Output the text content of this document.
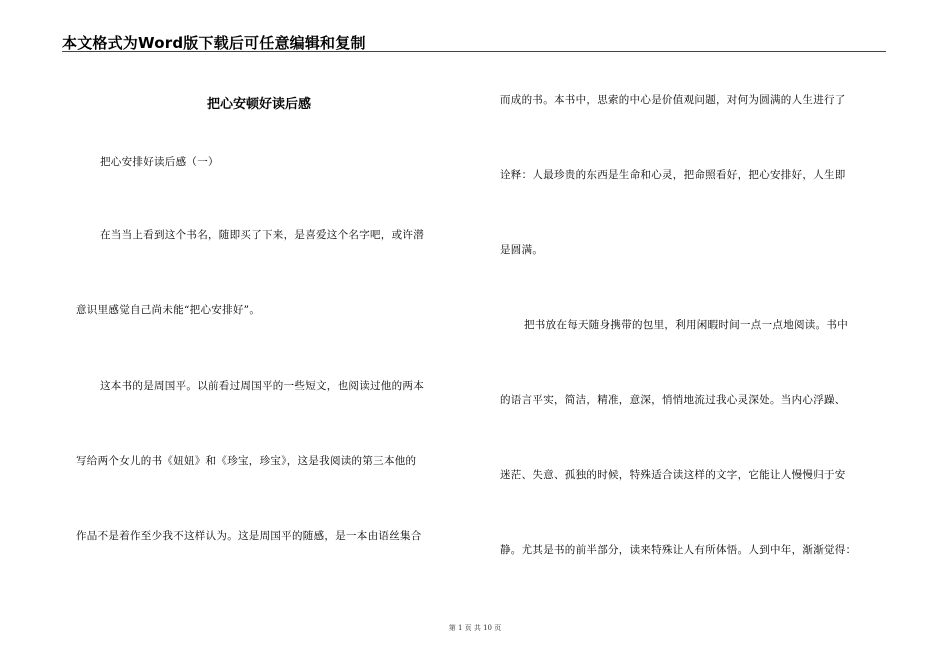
本文格式为Word版下载后可任意编辑和复制
把心安顿好读后感
把心安排好读后感（一）
在当当上看到这个书名，随即买了下来，是喜爱这个名字吧，或许潜
意识里感觉自己尚未能“把心安排好”。
这本书的是周国平。以前看过周国平的一些短文，也阅读过他的两本
写给两个女儿的书《妞妞》和《珍宝，珍宝》，这是我阅读的第三本他的
作品不是着作至少我不这样认为。这是周国平的随感，是一本由语丝集合
而成的书。本书中，思索的中心是价值观问题，对何为圆满的人生进行了
诠释：人最珍贵的东西是生命和心灵，把命照看好，把心安排好，人生即
是圆满。
把书放在每天随身携带的包里，利用闲暇时间一点一点地阅读。书中
的语言平实，简洁，精准，意深，悄悄地流过我心灵深处。当内心浮躁、
迷茫、失意、孤独的时候，特殊适合读这样的文字，它能让人慢慢归于安
静。尤其是书的前半部分，读来特殊让人有所体悟。人到中年，渐渐觉得：
第 1 页 共 10 页
